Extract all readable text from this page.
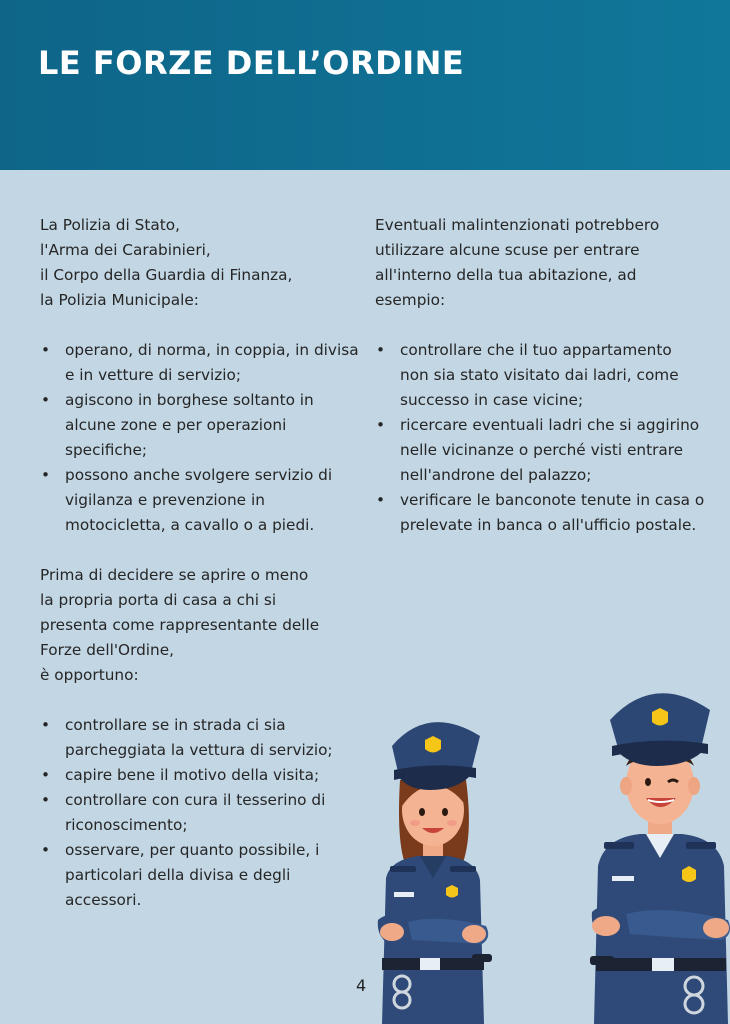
LE FORZE DELL’ORDINE

La Polizia di Stato,
l'Arma dei Carabinieri,
il Corpo della Guardia di Finanza,
la Polizia Municipale:

• operano, di norma, in coppia, in divisa e in vetture di servizio;
• agiscono in borghese soltanto in alcune zone e per operazioni specifiche;
• possono anche svolgere servizio di vigilanza e prevenzione in motocicletta, a cavallo o a piedi.

Prima di decidere se aprire o meno
la propria porta di casa a chi si
presenta come rappresentante delle
Forze dell'Ordine,
è opportuno:

• controllare se in strada ci sia parcheggiata la vettura di servizio;
• capire bene il motivo della visita;
• controllare con cura il tesserino di riconoscimento;
• osservare, per quanto possibile, i particolari della divisa e degli accessori.

Eventuali malintenzionati potrebbero
utilizzare alcune scuse per entrare
all'interno della tua abitazione, ad
esempio:

• controllare che il tuo appartamento non sia stato visitato dai ladri, come successo in case vicine;
• ricercare eventuali ladri che si aggirino nelle vicinanze o perché visti entrare nell'androne del palazzo;
• verificare le banconote tenute in casa o prelevate in banca o all'ufficio postale.
4
